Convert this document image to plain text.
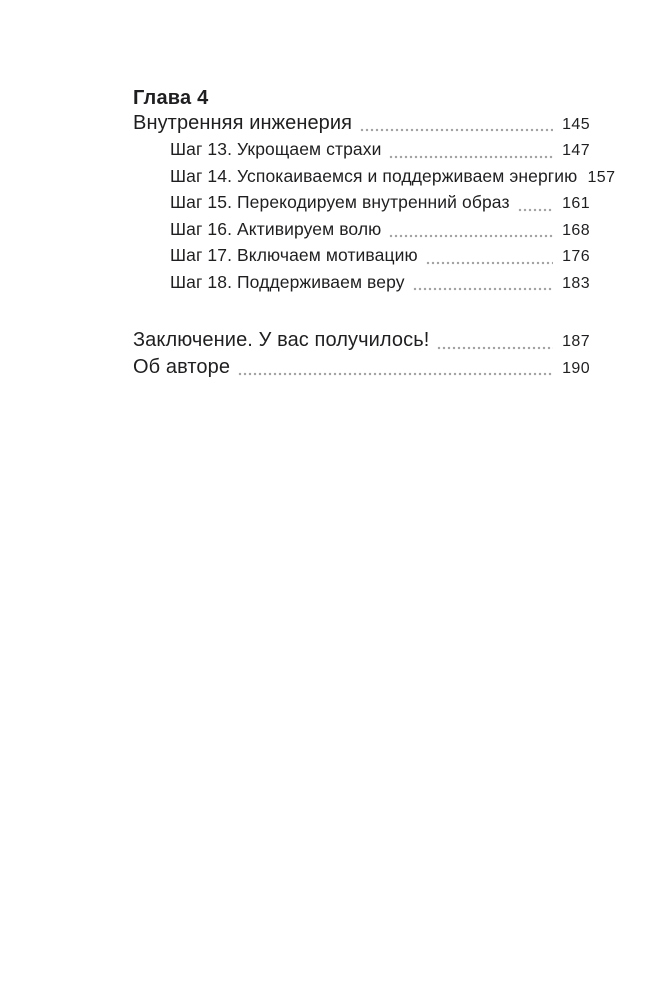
Глава 4
Внутренняя инженерия	145
Шаг 13. Укрощаем страхи	147
Шаг 14. Успокаиваемся и поддерживаем энергию 157
Шаг 15. Перекодируем внутренний образ	161
Шаг 16. Активируем волю	168
Шаг 17. Включаем мотивацию	176
Шаг 18. Поддерживаем веру	183
Заключение. У вас получилось!	187
Об авторе	190
